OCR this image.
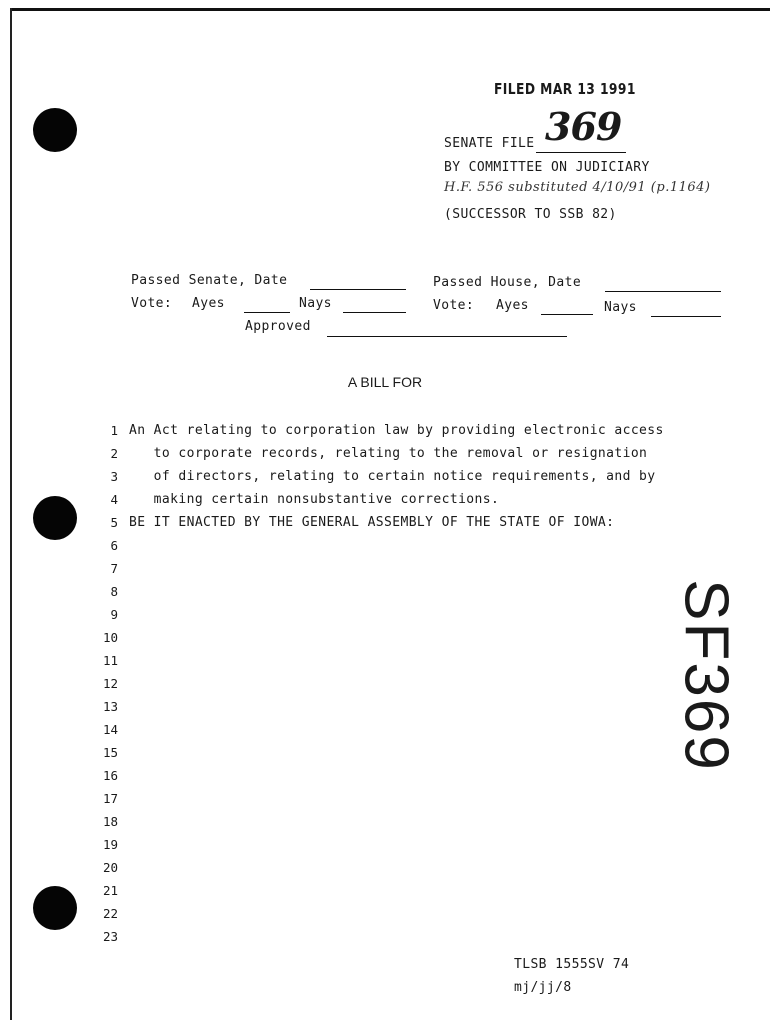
FILED MAR 13 1991
SENATE FILE 369
BY COMMITTEE ON JUDICIARY
H.F. 556 substituted 4/10/91 (p.1164)
(SUCCESSOR TO SSB 82)
Passed Senate, Date
Vote: Ayes	Nays
Passed House, Date
Vote: Ayes	Nays
Approved
A BILL FOR
1 An Act relating to corporation law by providing electronic access
2 to corporate records, relating to the removal or resignation
3 of directors, relating to certain notice requirements, and by
4 making certain nonsubstantive corrections.
5 BE IT ENACTED BY THE GENERAL ASSEMBLY OF THE STATE OF IOWA:
6
7
8
9
10
11
12
13
14
15
16
17
18
19
20
21
22
23
SF369
TLSB 1555SV 74
mj/jj/8
